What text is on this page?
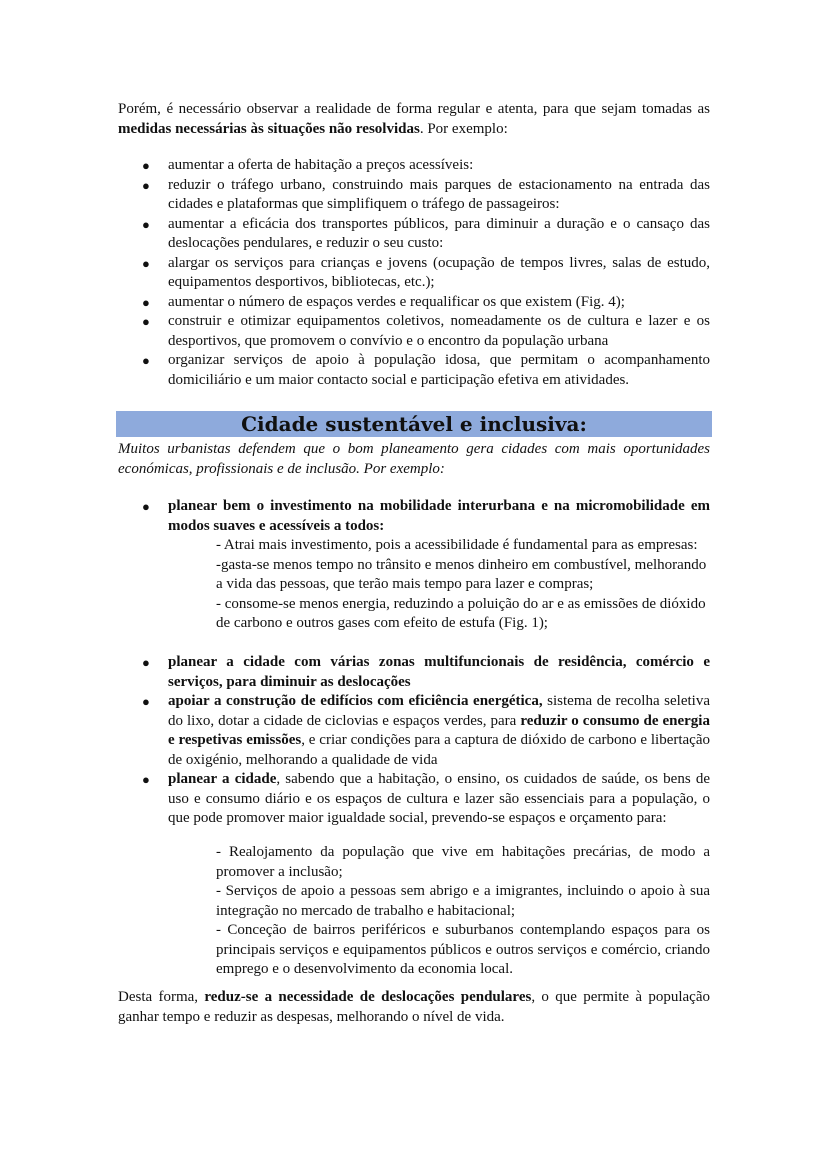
Porém, é necessário observar a realidade de forma regular e atenta, para que sejam tomadas as medidas necessárias às situações não resolvidas. Por exemplo:

● aumentar a oferta de habitação a preços acessíveis:
● reduzir o tráfego urbano, construindo mais parques de estacionamento na entrada das cidades e plataformas que simplifiquem o tráfego de passageiros:
● aumentar a eficácia dos transportes públicos, para diminuir a duração e o cansaço das deslocações pendulares, e reduzir o seu custo:
● alargar os serviços para crianças e jovens (ocupação de tempos livres, salas de estudo, equipamentos desportivos, bibliotecas, etc.);
● aumentar o número de espaços verdes e requalificar os que existem (Fig. 4);
● construir e otimizar equipamentos coletivos, nomeadamente os de cultura e lazer e os desportivos, que promovem o convívio e o encontro da população urbana
● organizar serviços de apoio à população idosa, que permitam o acompanhamento domiciliário e um maior contacto social e participação efetiva em atividades.
Cidade sustentável e inclusiva:

Muitos urbanistas defendem que o bom planeamento gera cidades com mais oportunidades económicas, profissionais e de inclusão. Por exemplo:

● planear bem o investimento na mobilidade interurbana e na micromobilidade em modos suaves e acessíveis a todos:

- Atrai mais investimento, pois a acessibilidade é fundamental para as empresas:

-gasta-se menos tempo no trânsito e menos dinheiro em combustível, melhorando a vida das pessoas, que terão mais tempo para lazer e compras;

- consome-se menos energia, reduzindo a poluição do ar e as emissões de dióxido de carbono e outros gases com efeito de estufa (Fig. 1);

● planear a cidade com várias zonas multifuncionais de residência, comércio e serviços, para diminuir as deslocações
● apoiar a construção de edifícios com eficiência energética, sistema de recolha seletiva do lixo, dotar a cidade de ciclovias e espaços verdes, para reduzir o consumo de energia e respetivas emissões, e criar condições para a captura de dióxido de carbono e libertação de oxigénio, melhorando a qualidade de vida
● planear a cidade, sabendo que a habitação, o ensino, os cuidados de saúde, os bens de uso e consumo diário e os espaços de cultura e lazer são essenciais para a população, o que pode promover maior igualdade social, prevendo-se espaços e orçamento para:

- Realojamento da população que vive em habitações precárias, de modo a promover a inclusão;

- Serviços de apoio a pessoas sem abrigo e a imigrantes, incluindo o apoio à sua integração no mercado de trabalho e habitacional;

- Conceção de bairros periféricos e suburbanos contemplando espaços para os principais serviços e equipamentos públicos e outros serviços e comércio, criando emprego e o desenvolvimento da economia local.

Desta forma, reduz-se a necessidade de deslocações pendulares, o que permite à população ganhar tempo e reduzir as despesas, melhorando o nível de vida.
